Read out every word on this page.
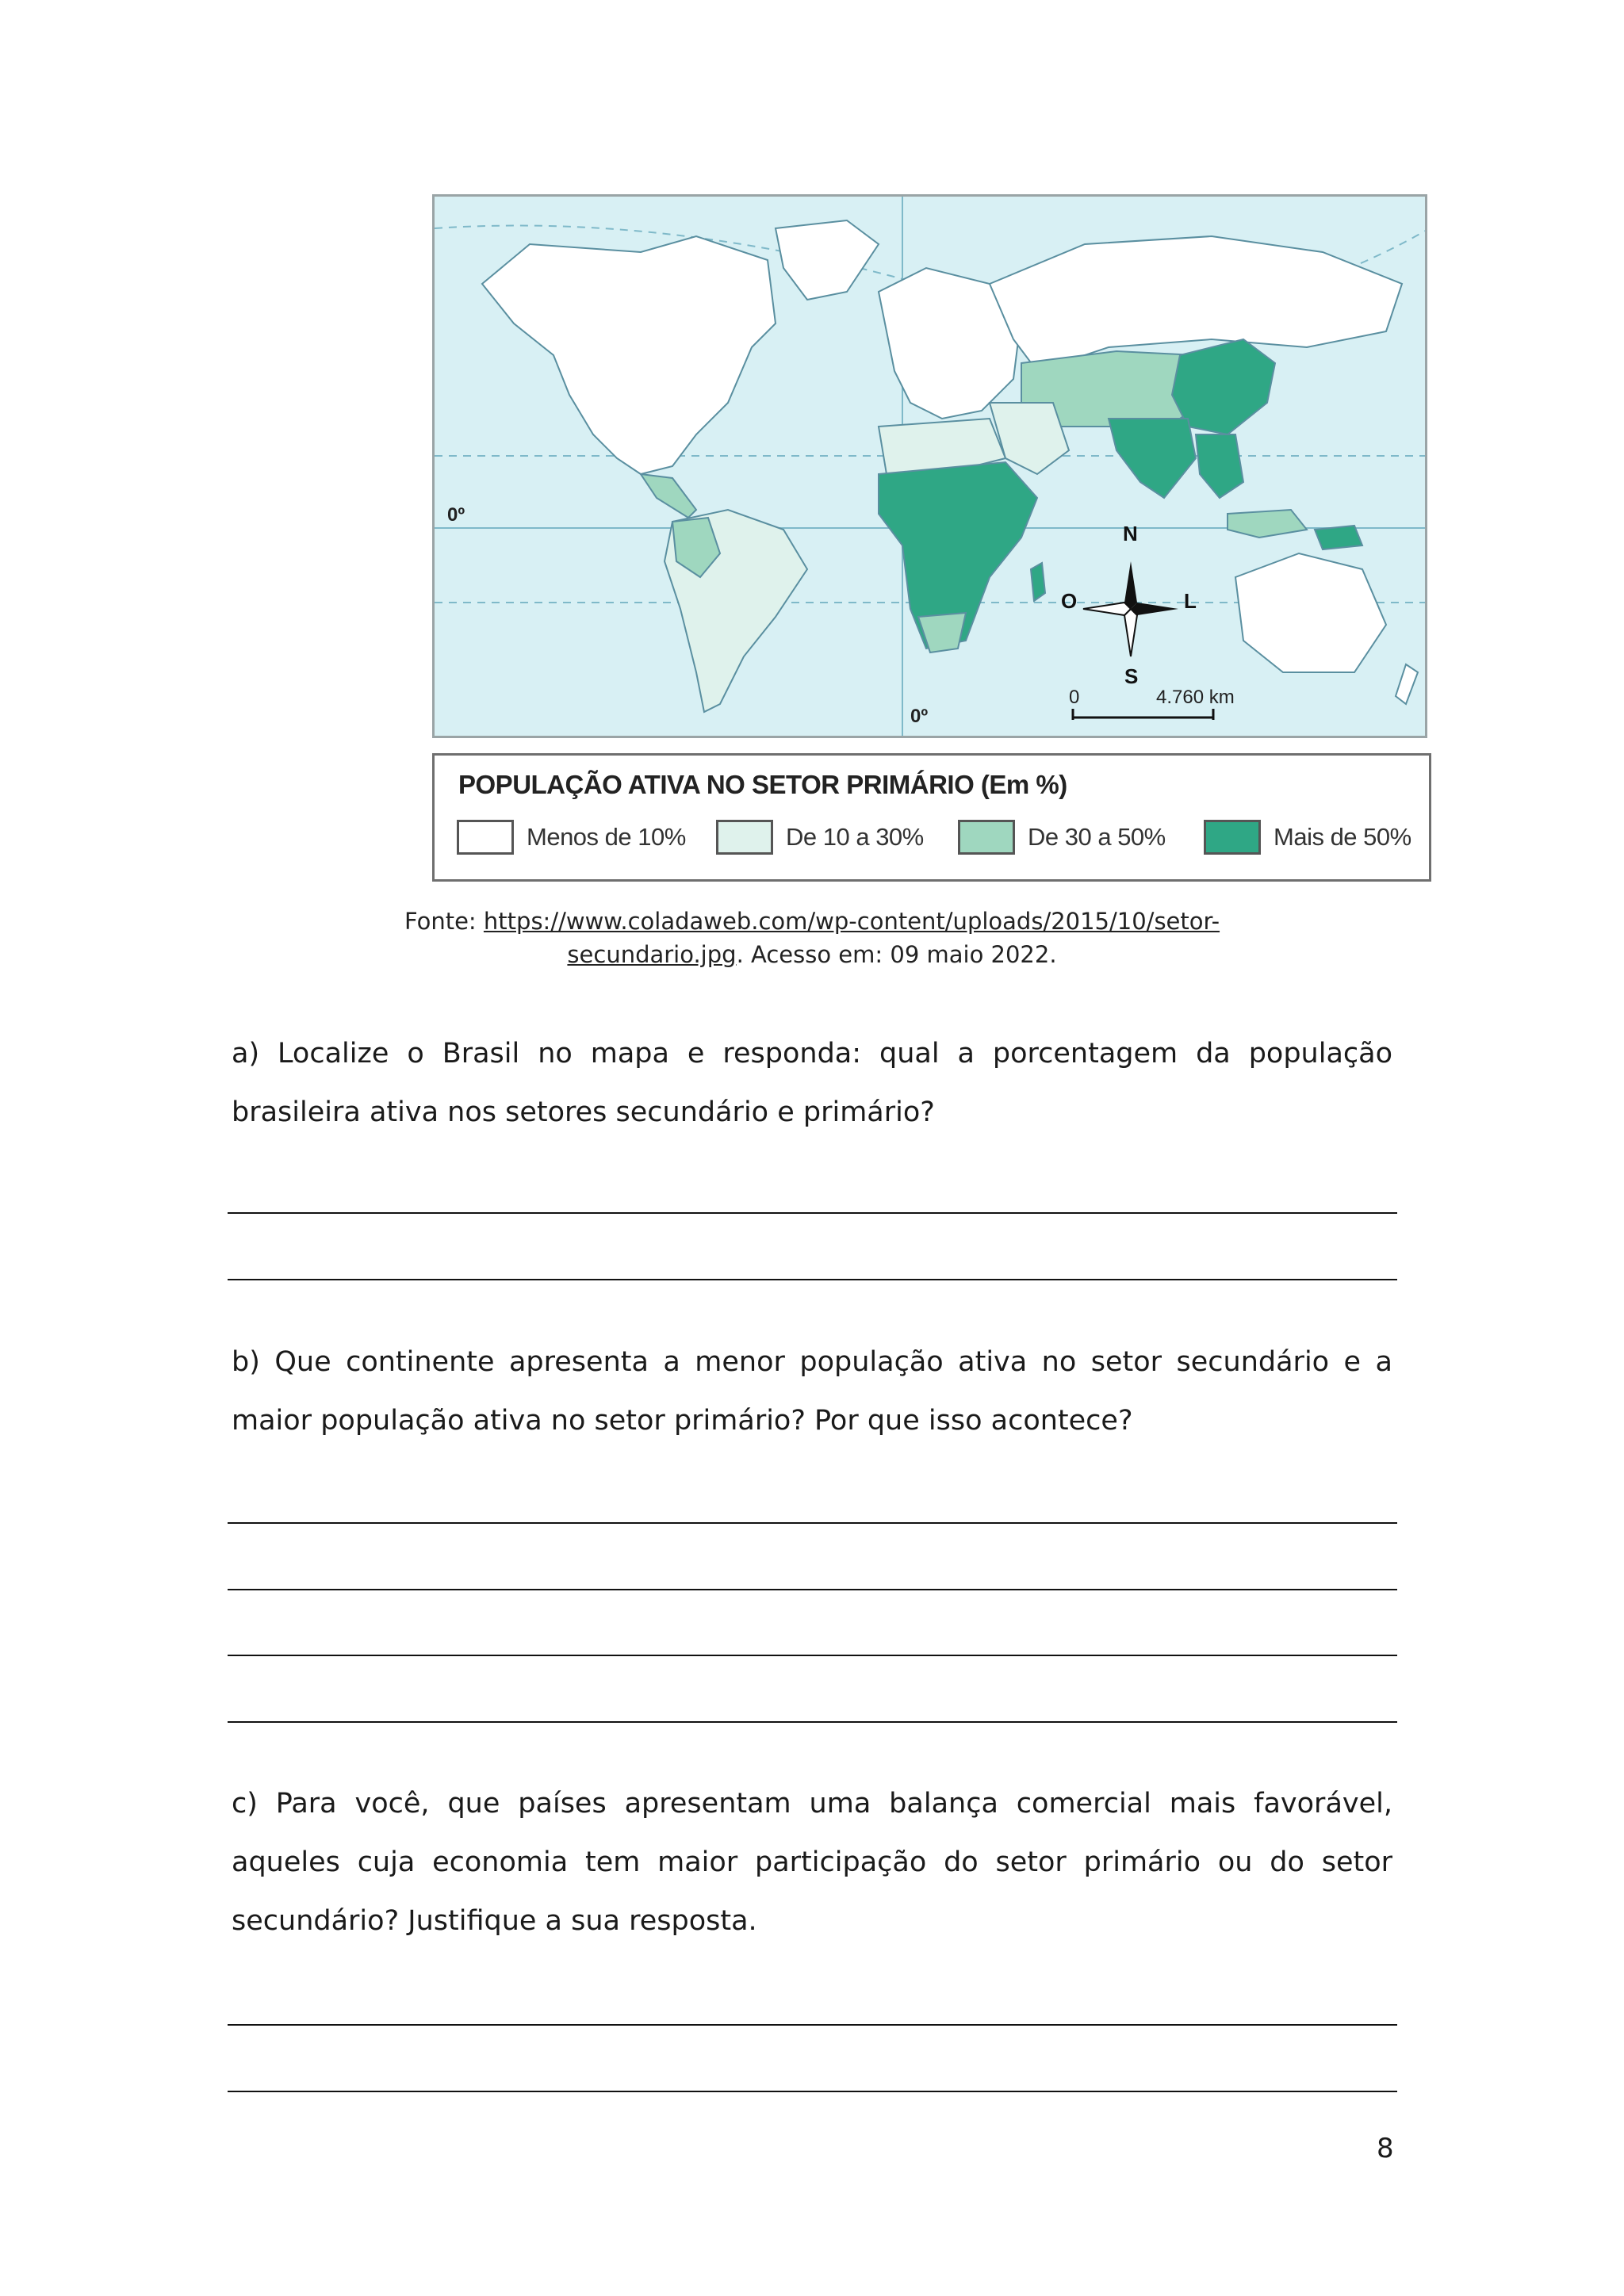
0º
0º
N
S
O	L
0	4.760 km
POPULAÇÃO ATIVA NO SETOR PRIMÁRIO (Em %)
Menos de 10%	De 10 a 30%	De 30 a 50%	Mais de 50%
Fonte: https://www.coladaweb.com/wp-content/uploads/2015/10/setor-
secundario.jpg. Acesso em: 09 maio 2022.
a) Localize o Brasil no mapa e responda: qual a porcentagem da população brasileira ativa nos setores secundário e primário?
b) Que continente apresenta a menor população ativa no setor secundário e a maior população ativa no setor primário? Por que isso acontece?
c) Para você, que países apresentam uma balança comercial mais favorável, aqueles cuja economia tem maior participação do setor primário ou do setor secundário? Justifique a sua resposta.
8
